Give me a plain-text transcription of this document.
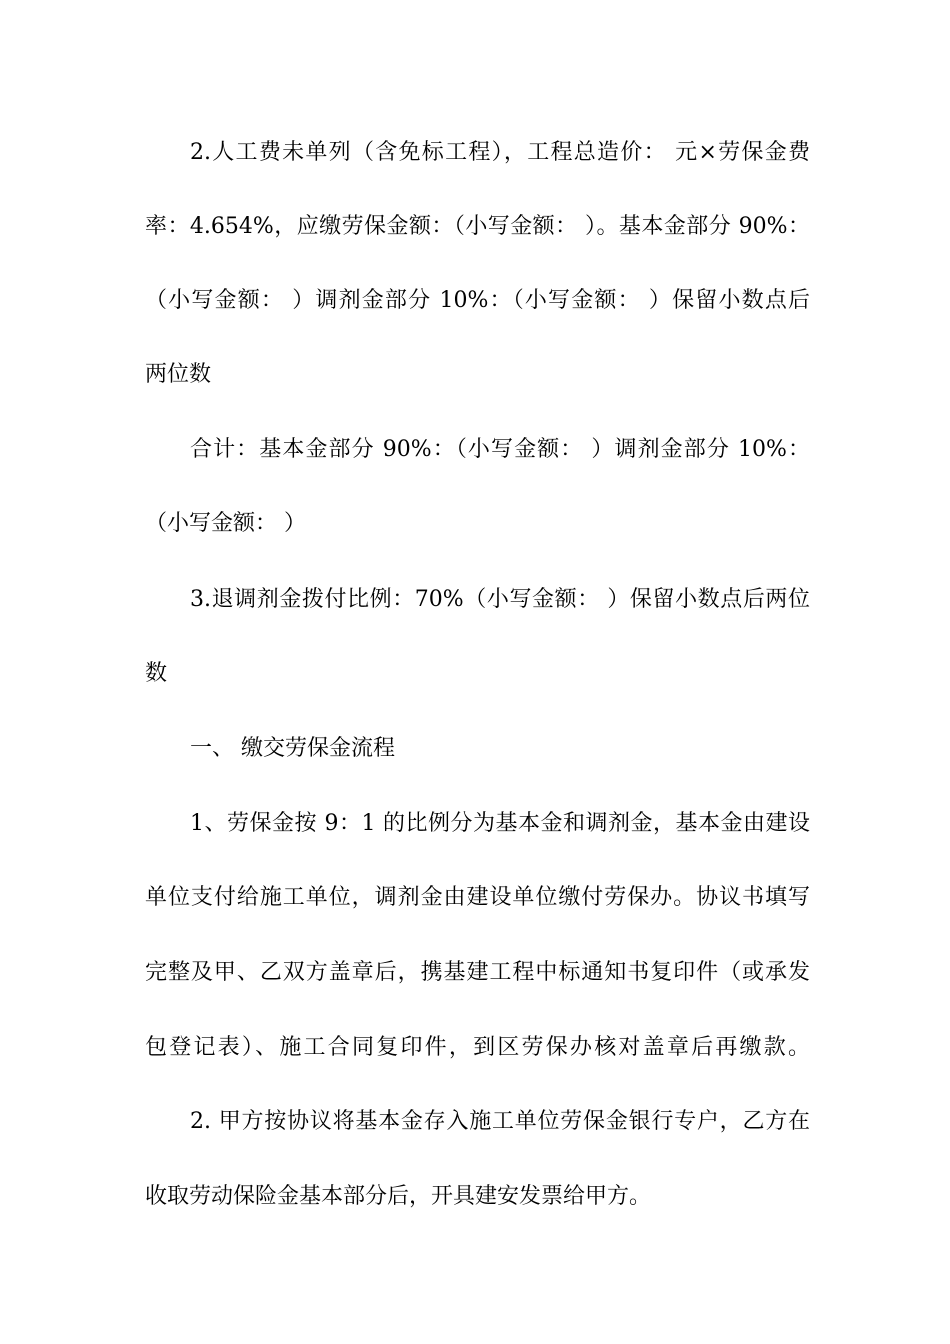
2.人工费未单列（含免标工程），工程总造价： 元×劳保金费
率：4.654%，应缴劳保金额：（小写金额： ）。基本金部分 90%：
（小写金额： ）调剂金部分 10%：（小写金额： ）保留小数点后
两位数
合计：基本金部分 90%：（小写金额： ）调剂金部分 10%：
（小写金额： ）
3.退调剂金拨付比例：70%（小写金额： ）保留小数点后两位
数
一、 缴交劳保金流程
1、劳保金按 9：1 的比例分为基本金和调剂金，基本金由建设
单位支付给施工单位，调剂金由建设单位缴付劳保办。协议书填写
完整及甲、乙双方盖章后，携基建工程中标通知书复印件（或承发
包登记表）、施工合同复印件，到区劳保办核对盖章后再缴款。
2. 甲方按协议将基本金存入施工单位劳保金银行专户，乙方在
收取劳动保险金基本部分后，开具建安发票给甲方。
